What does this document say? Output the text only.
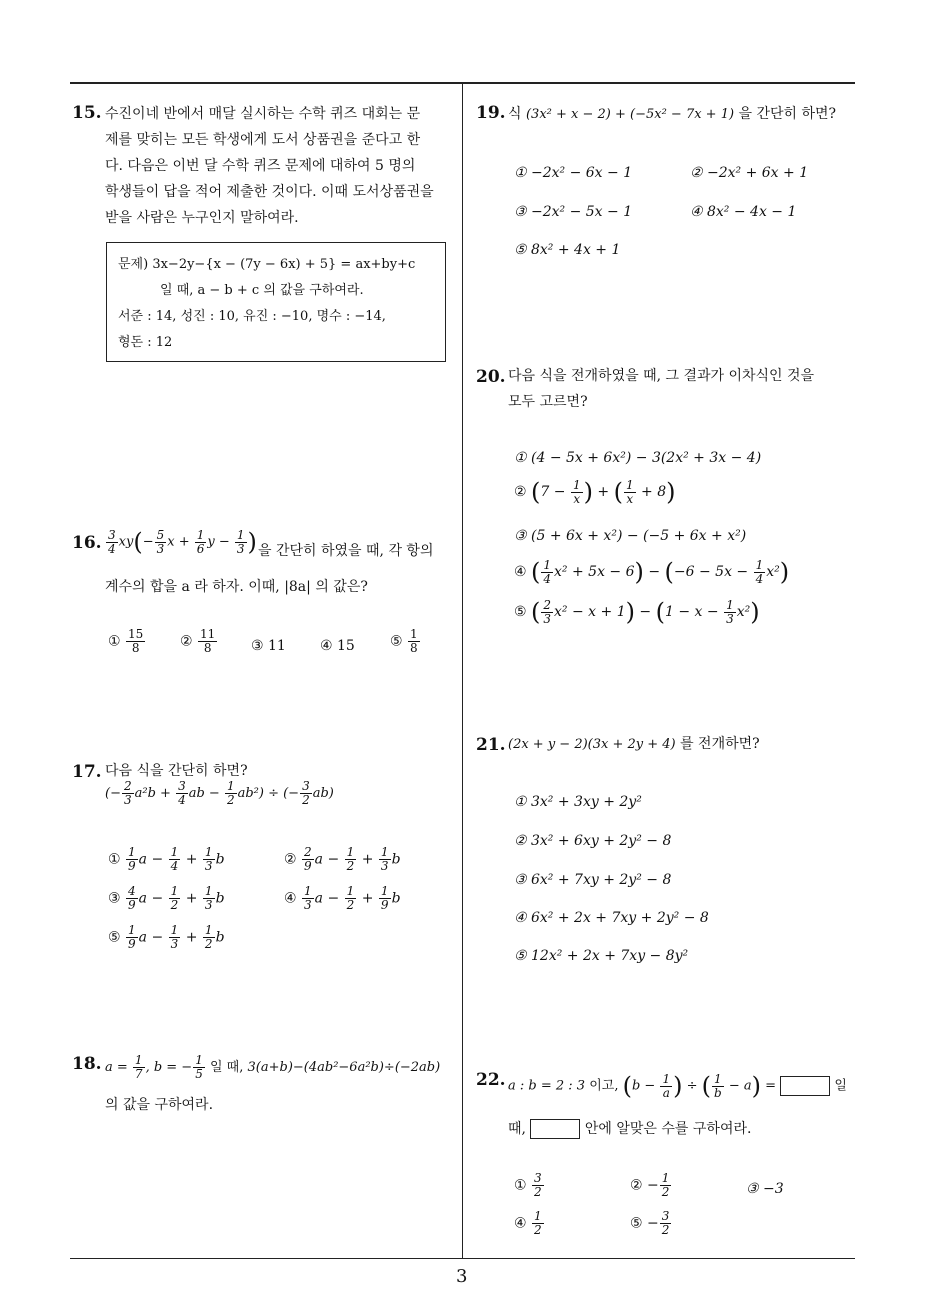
3
15. 수진이네 반에서 매달 실시하는 수학 퀴즈 대회는 문
제를 맞히는 모든 학생에게 도서 상품권을 준다고 한
다. 다음은 이번 달 수학 퀴즈 문제에 대하여 5 명의
학생들이 답을 적어 제출한 것이다. 이때 도서상품권을
받을 사람은 누구인지 말하여라.
문제) 3x−2y−{x − (7y − 6x) + 5} = ax+by+c
일 때, a − b + c 의 값을 구하여라.
서준 : 14, 성진 : 10, 유진 : −10, 명수 : −14,
형돈 : 12
16. $\frac{3}{4} xy(- \frac{5}{3}$ $x + \frac{1}{6}$ $y - \frac{1}{3}$ ) 을 간단히 하였을 때, 각 항의
계수의 합을 a 라 하자. 이때, |8a| 의 값은?
① $\frac{15}{8}$ ② $\frac{11}{8}$ ③ 11 ④ 15	⑤ $\frac{1}{8}$
17. 다음 식을 간단히 하면?
(− $\frac{2}{3} a^2b + \frac{3}{4}$ ab − $\frac{1}{2} ab^2$) ÷ (− $\frac{3}{2} ab$)
① $\frac{1}{9}$ $a - \frac{1}{4} + \frac{1}{3}$ b	② $\frac{2}{9}$ $a - \frac{1}{2} + \frac{1}{3}$ b
③ $\frac{4}{9}$ $a - \frac{1}{2} + \frac{1}{3}$ b	④ $\frac{1}{3}$ $a - \frac{1}{2} + \frac{1}{9}$ b
⑤ $\frac{1}{9}$ $a - \frac{1}{3} + \frac{1}{2}$ b
18. $a = \frac{1}{7}$ , b = − $\frac{1}{5}$ 일 때, 3(a+b)−(4ab²−6a²b)÷(−2ab)
의 값을 구하여라.
19. 식 (3x² + x − 2) + (−5x² − 7x + 1) 을 간단히 하면?
① −2x² − 6x − 1	② −2x² + 6x + 1
③ −2x² − 5x − 1	④ 8x² − 4x − 1
⑤ 8x² + 4x + 1
20. 다음 식을 전개하였을 때, 그 결과가 이차식인 것을
모두 고르면?
① (4 − 5x + 6x²) − 3(2x² + 3x − 4)
② ($7 - \frac{1}{x}$ ) + ( $\frac{1}{x} + 8$)
③ (5 + 6x + x²) − (−5 + 6x + x²)
④ ( $\frac{1}{4} x^2 + 5x - 6) - (-6 - 5x - \frac{1}{4} x^2)$
⑤ ( $\frac{2}{3} x^2 - x + 1) - (1 - x - \frac{1}{3} x^2)$
21. (2x + y − 2)(3x + 2y + 4) 를 전개하면?
① 3x² + 3xy + 2y²
② 3x² + 6xy + 2y² − 8
③ 6x² + 7xy + 2y² − 8
④ 6x² + 2x + 7xy + 2y² − 8
⑤ 12x² + 2x + 7xy − 8y²
22. a : b = 2 : 3 이고, ($b - \frac{1}{a}$ ) ÷ ( $\frac{1}{b} - a$) =	일
때,	안에 알맞은 수를 구하여라.
① $\frac{3}{2}$	② − $\frac{1}{2}$	③ −3
④ $\frac{1}{2}$	⑤ − $\frac{3}{2}$
